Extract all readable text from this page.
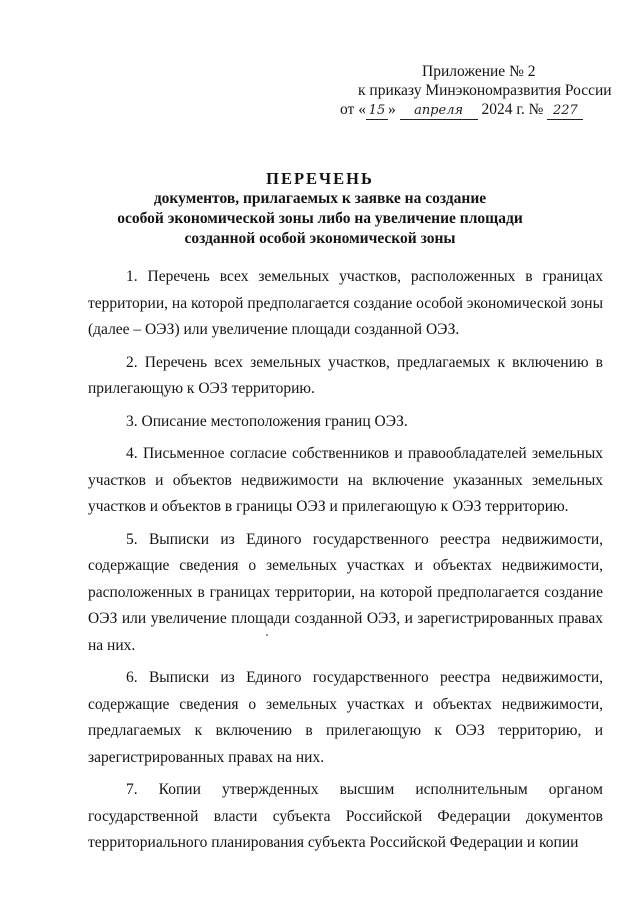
Приложение № 2
к приказу Минэкономразвития России
от « 15 » апреля 2024 г. № 227
ПЕРЕЧЕНЬ
документов, прилагаемых к заявке на создание
особой экономической зоны либо на увеличение площади
созданной особой экономической зоны

1. Перечень всех земельных участков, расположенных в границах территории, на которой предполагается создание особой экономической зоны (далее – ОЭЗ) или увеличение площади созданной ОЭЗ.

2. Перечень всех земельных участков, предлагаемых к включению в прилегающую к ОЭЗ территорию.

3. Описание местоположения границ ОЭЗ.

4. Письменное согласие собственников и правообладателей земельных участков и объектов недвижимости на включение указанных земельных участков и объектов в границы ОЭЗ и прилегающую к ОЭЗ территорию.

5. Выписки из Единого государственного реестра недвижимости, содержащие сведения о земельных участках и объектах недвижимости, расположенных в границах территории, на которой предполагается создание ОЭЗ или увеличение площади созданной ОЭЗ, и зарегистрированных правах на них.

6. Выписки из Единого государственного реестра недвижимости, содержащие сведения о земельных участках и объектах недвижимости, предлагаемых к включению в прилегающую к ОЭЗ территорию, и зарегистрированных правах на них.

7. Копии утвержденных высшим исполнительным органом государственной власти субъекта Российской Федерации документов территориального планирования субъекта Российской Федерации и копии
